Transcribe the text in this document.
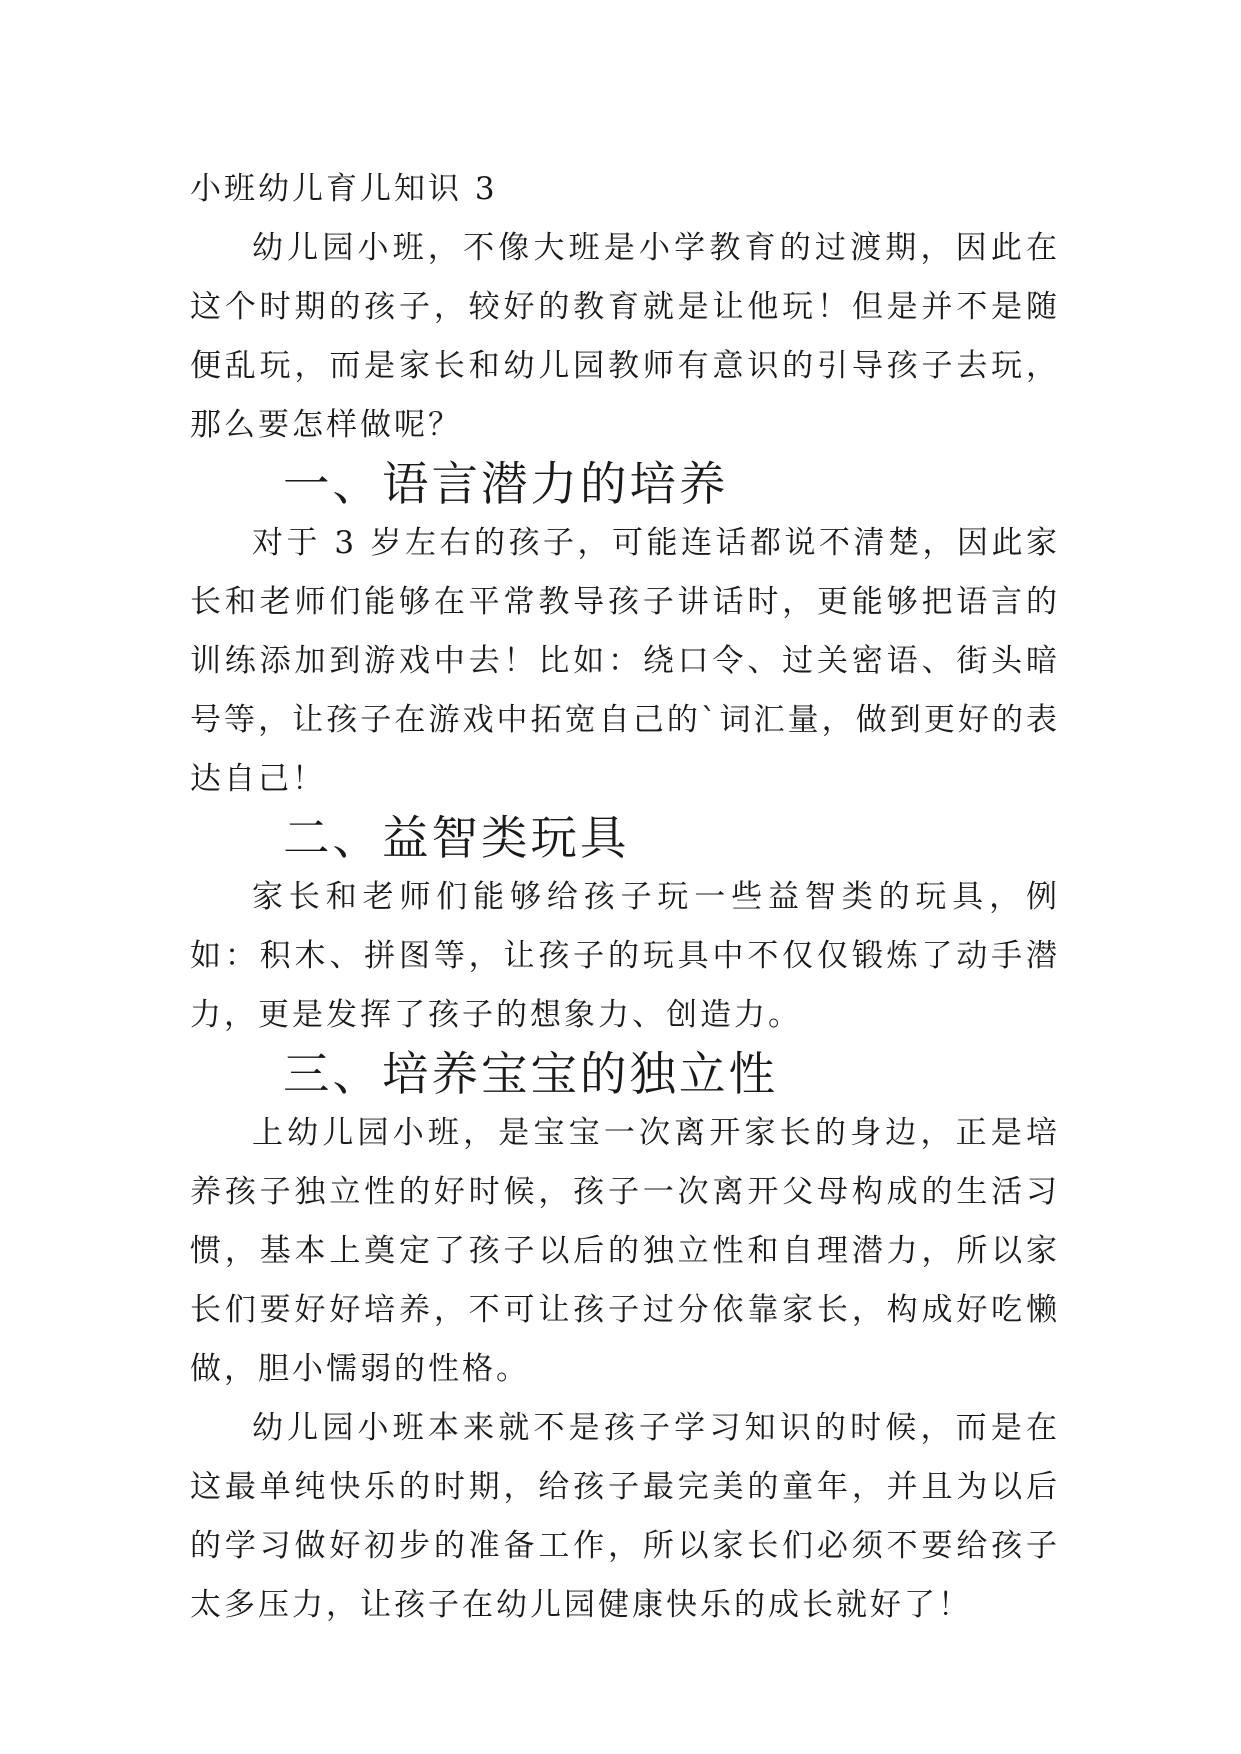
小班幼儿育儿知识 3

幼儿园小班，不像大班是小学教育的过渡期，因此在这个时期的孩子，较好的教育就是让他玩！但是并不是随便乱玩，而是家长和幼儿园教师有意识的引导孩子去玩，那么要怎样做呢？

一、语言潜力的培养

对于 3 岁左右的孩子，可能连话都说不清楚，因此家长和老师们能够在平常教导孩子讲话时，更能够把语言的训练添加到游戏中去！比如：绕口令、过关密语、街头暗号等，让孩子在游戏中拓宽自己的`词汇量，做到更好的表达自己！

二、益智类玩具

家长和老师们能够给孩子玩一些益智类的玩具，例如：积木、拼图等，让孩子的玩具中不仅仅锻炼了动手潜力，更是发挥了孩子的想象力、创造力。

三、培养宝宝的独立性

上幼儿园小班，是宝宝一次离开家长的身边，正是培养孩子独立性的好时候，孩子一次离开父母构成的生活习惯，基本上奠定了孩子以后的独立性和自理潜力，所以家长们要好好培养，不可让孩子过分依靠家长，构成好吃懒做，胆小懦弱的性格。

幼儿园小班本来就不是孩子学习知识的时候，而是在这最单纯快乐的时期，给孩子最完美的童年，并且为以后的学习做好初步的准备工作，所以家长们必须不要给孩子太多压力，让孩子在幼儿园健康快乐的成长就好了！
